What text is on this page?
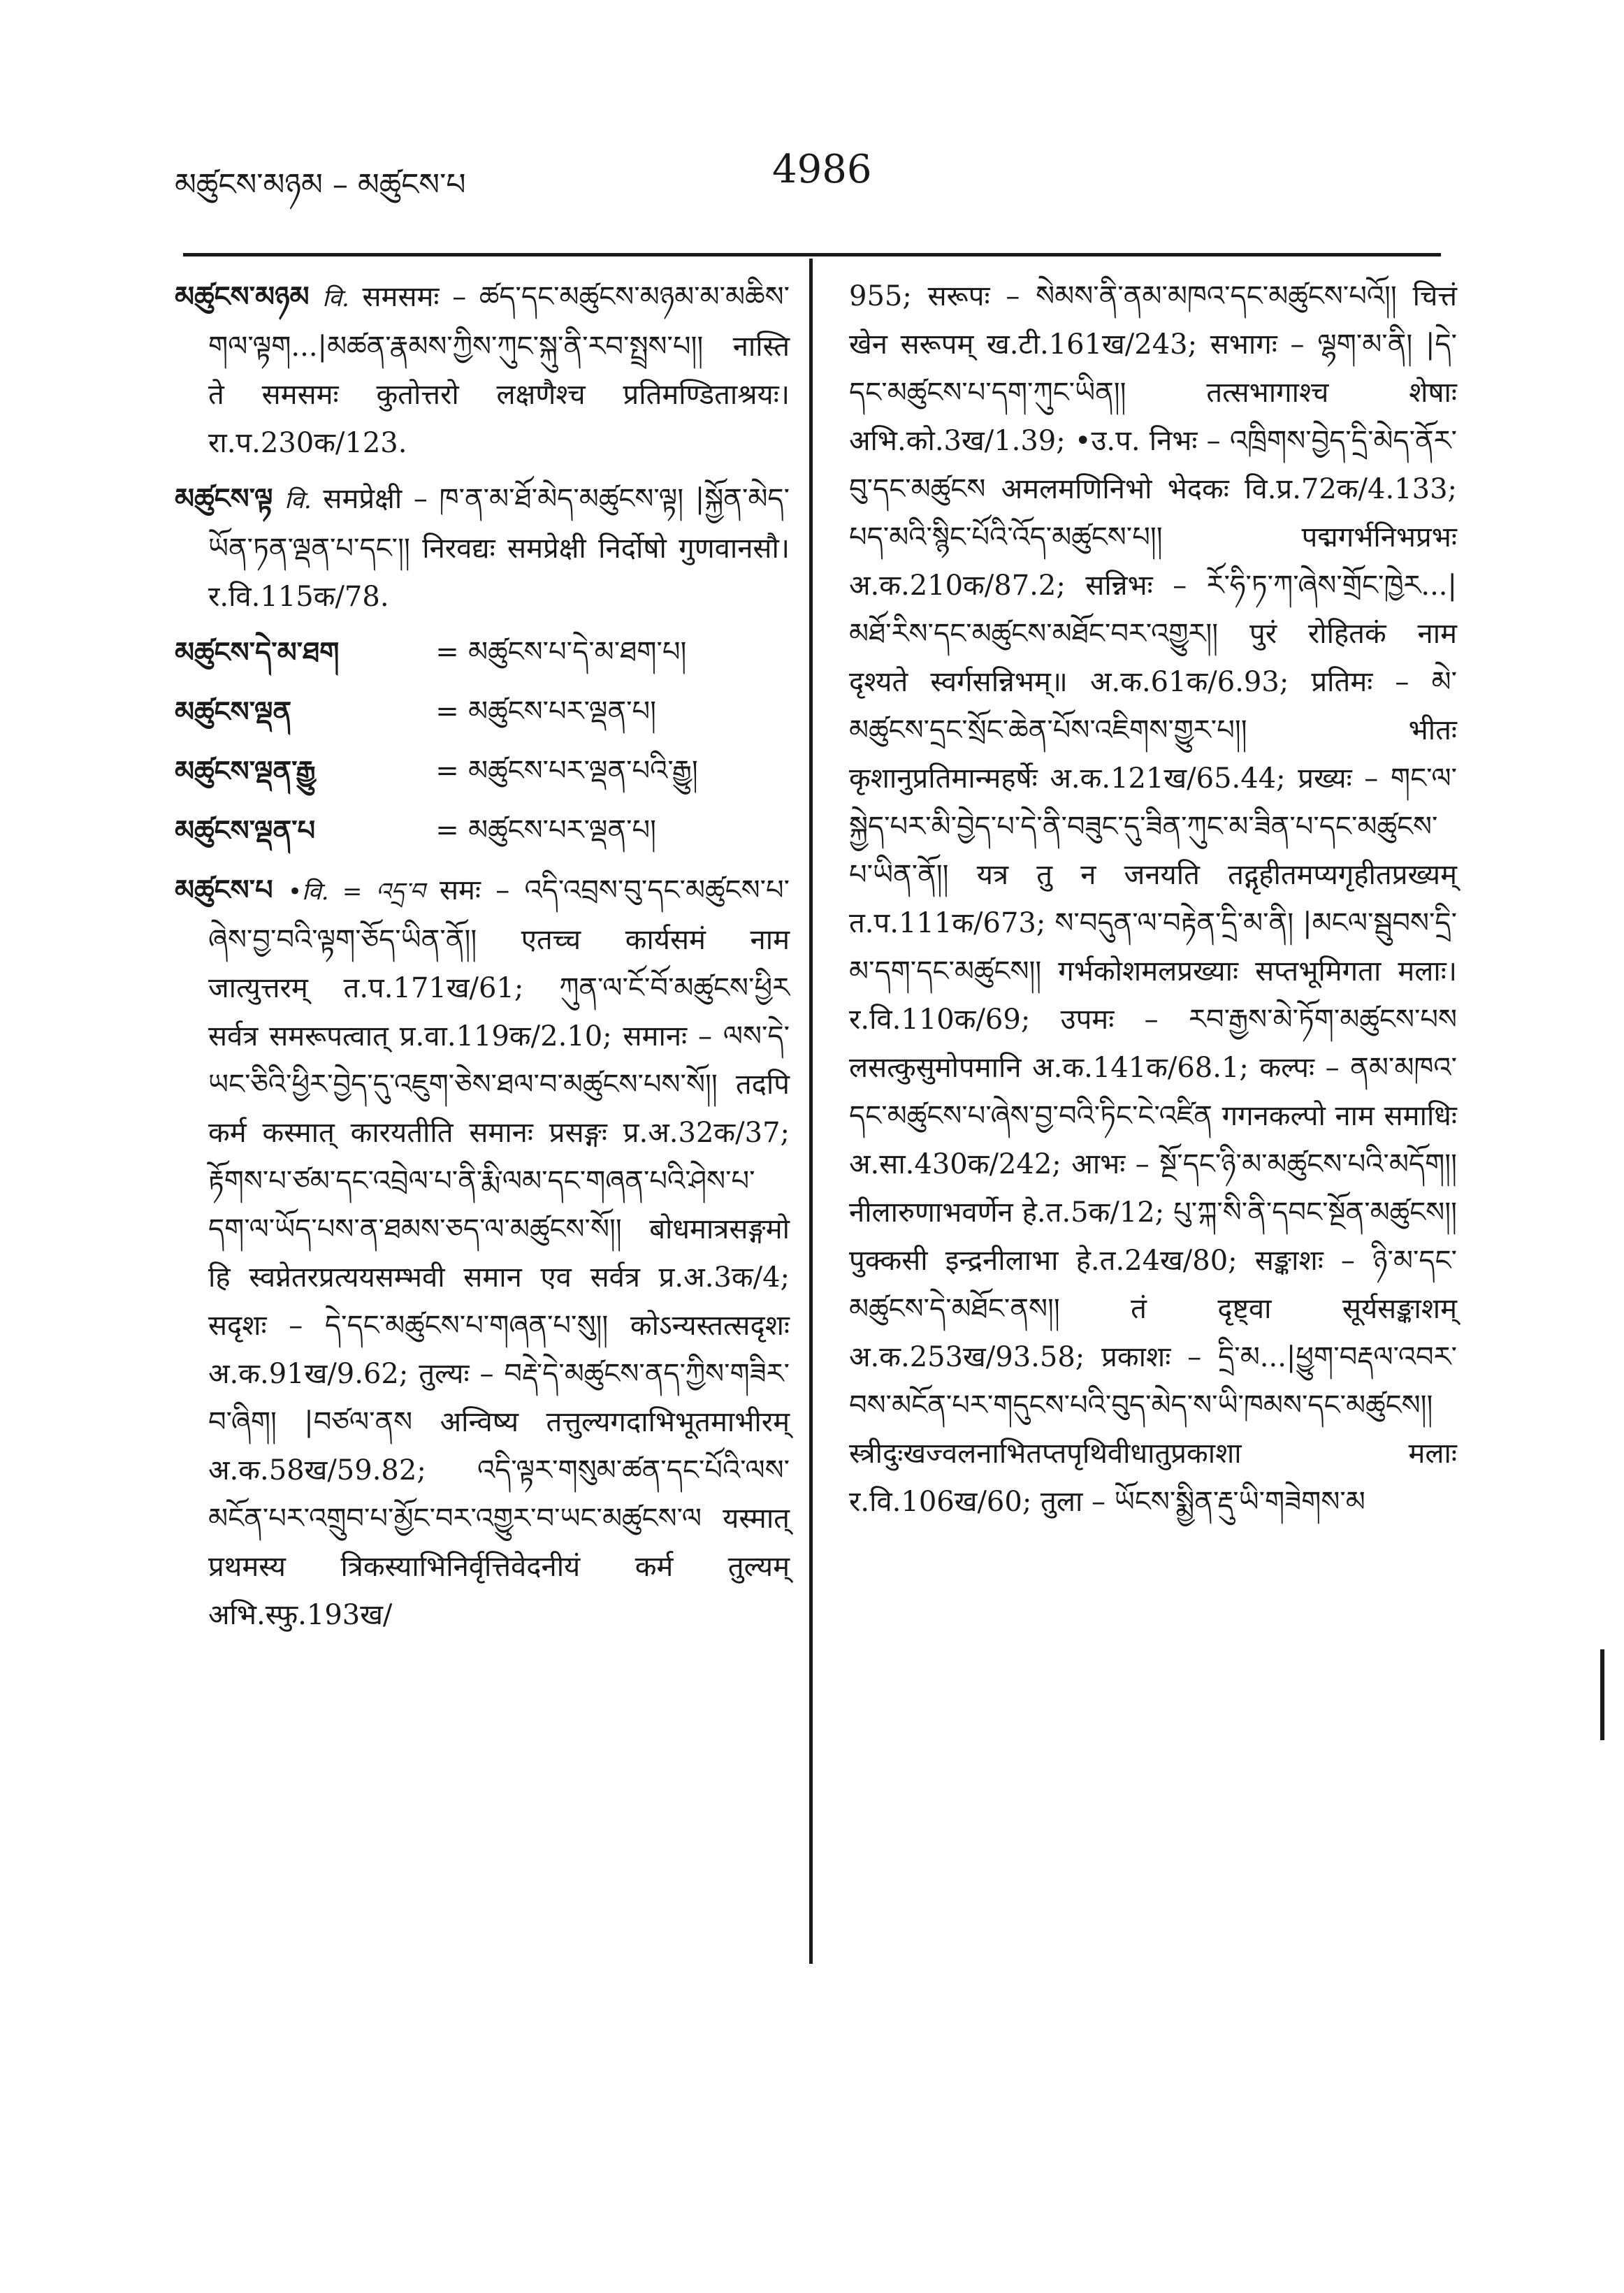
མཚུངས་མཉམ – མཚུངས་པ	4986

མཚུངས་མཉམ वि. समसमः – ཚད་དང་མཚུངས་མཉམ་མ་མཆིས་གལ་ལྟག...|མཚན་རྣམས་ཀྱིས་ཀུང་སྐུ་ནི་རབ་སྤྲས་པ།། नास्ति ते समसमः कुतोत्तरो लक्षणैश्च प्रतिमण्डिताश्रयः। रा.प.230क/123.

མཚུངས་ལྟ वि. समप्रेक्षी – ཁ་ན་མ་ཐོ་མེད་མཚུངས་ལྟ། |སྐྱོན་མེད་ཡོན་ཏན་ལྡན་པ་དང་།། निरवद्यः समप्रेक्षी निर्दोषो गुणवानसौ। र.वि.115क/78.

མཚུངས་དེ་མ་ཐག	= མཚུངས་པ་དེ་མ་ཐག་པ།
མཚུངས་ལྡན	= མཚུངས་པར་ལྡན་པ།
མཚུངས་ལྡན་རྒྱུ	= མཚུངས་པར་ལྡན་པའི་རྒྱུ།
མཚུངས་ལྡན་པ	= མཚུངས་པར་ལྡན་པ།

མཚུངས་པ •वि. = འདྲ་བ समः – འདི་འབྲས་བུ་དང་མཚུངས་པ་ཞེས་བྱ་བའི་ལྟག་ཅོད་ཡིན་ནོ།། एतच्च कार्यसमं नाम जात्युत्तरम् त.प.171ख/61; ཀུན་ལ་ངོ་བོ་མཚུངས་ཕྱིར सर्वत्र समरूपत्वात् प्र.वा.119क/2.10; समानः – ལས་དེ་ཡང་ཅིའི་ཕྱིར་བྱེད་དུ་འཇུག་ཅེས་ཐལ་བ་མཚུངས་པས་སོ།། तदपि कर्म कस्मात् कारयतीति समानः प्रसङ्गः प्र.अ.32क/37; རྟོགས་པ་ཙམ་དང་འབྲེལ་པ་ནི་རྨི་ལམ་དང་གཞན་པའི་ཤེས་པ་དག་ལ་ཡོད་པས་ན་ཐམས་ཅད་ལ་མཚུངས་སོ།། बोधमात्रसङ्गमो हि स्वप्नेतरप्रत्ययसम्भवी समान एव सर्वत्र प्र.अ.3क/4; सदृशः – དེ་དང་མཚུངས་པ་གཞན་པ་སུ།། कोऽन्यस्तत्सदृशः अ.क.91ख/9.62; तुल्यः – བརྡེ་དེ་མཚུངས་ནད་ཀྱིས་གཟིར་བ་ཞིག། |བཙལ་ནས अन्विष्य तत्तुल्यगदाभिभूतमाभीरम् अ.क.58ख/59.82; འདི་ལྟར་གསུམ་ཚན་དང་པོའི་ལས་མངོན་པར་འགྲུབ་པ་མྱོང་བར་འགྱུར་བ་ཡང་མཚུངས་ལ यस्मात् प्रथमस्य त्रिकस्याभिनिर्वृत्तिवेदनीयं कर्म तुल्यम् अभि.स्फु.193ख/

955; सरूपः – སེམས་ནི་ནམ་མཁའ་དང་མཚུངས་པའོ།། चित्तं खेन सरूपम् ख.टी.161ख/243; सभागः – ལྷག་མ་ནི། |དེ་དང་མཚུངས་པ་དག་ཀུང་ཡིན།། तत्सभागाश्च शेषाः अभि.को.3ख/1.39; •उ.प. निभः – འཁྲིགས་བྱེད་དྲི་མེད་ནོར་བུ་དང་མཚུངས अमलमणिनिभो भेदकः वि.प्र.72क/4.133; པད་མའི་སྙིང་པོའི་འོད་མཚུངས་པ།། पद्मगर्भनिभप्रभः अ.क.210क/87.2; सन्निभः – རོ་ཧི་ཏ་ཀ་ཞེས་གྲོང་ཁྱེར...|མཐོ་རིས་དང་མཚུངས་མཐོང་བར་འགྱུར།། पुरं रोहितकं नाम दृश्यते स्वर्गसन्निभम्॥ अ.क.61क/6.93; प्रतिमः – མེ་མཚུངས་དྲང་སྲོང་ཆེན་པོས་འཇིགས་གྱུར་པ།། भीतः कृशानुप्रतिमान्महर्षेः अ.क.121ख/65.44; प्रख्यः – གང་ལ་སྐྱེད་པར་མི་བྱེད་པ་དེ་ནི་བཟུང་དུ་ཟིན་ཀུང་མ་ཟིན་པ་དང་མཚུངས་པ་ཡིན་ནོ།། यत्र तु न जनयति तद्गृहीतमप्यगृहीतप्रख्यम् त.प.111क/673; ས་བདུན་ལ་བརྟེན་དྲི་མ་ནི། |མངལ་སྦུབས་དྲི་མ་དག་དང་མཚུངས།། गर्भकोशमलप्रख्याः सप्तभूमिगता मलाः। र.वि.110क/69; उपमः – རབ་རྒྱས་མེ་ཏོག་མཚུངས་པས लसत्कुसुमोपमानि अ.क.141क/68.1; कल्पः – ནམ་མཁའ་དང་མཚུངས་པ་ཞེས་བྱ་བའི་ཏིང་ངེ་འཛིན गगनकल्पो नाम समाधिः अ.सा.430क/242; आभः – སྔོ་དང་ཉི་མ་མཚུངས་པའི་མདོག།། नीलारुणाभवर्णेन हे.त.5क/12; པུ་ཀྐ་སི་ནི་དབང་སྔོན་མཚུངས།། पुक्कसी इन्द्रनीलाभा हे.त.24ख/80; सङ्काशः – ཉི་མ་དང་མཚུངས་དེ་མཐོང་ནས།། तं दृष्ट्वा सूर्यसङ्काशम् अ.क.253ख/93.58; प्रकाशः – དྲི་མ...|ཕྱུག་བརྡལ་འབར་བས་མངོན་པར་གདུངས་པའི་བུད་མེད་ས་ཡི་ཁམས་དང་མཚུངས།། स्त्रीदुःखज्वलनाभितप्तपृथिवीधातुप्रकाशा मलाः र.वि.106ख/60; तुला – ཡོངས་སྨྱིན་རྡུ་ཡི་གཟེགས་མ
